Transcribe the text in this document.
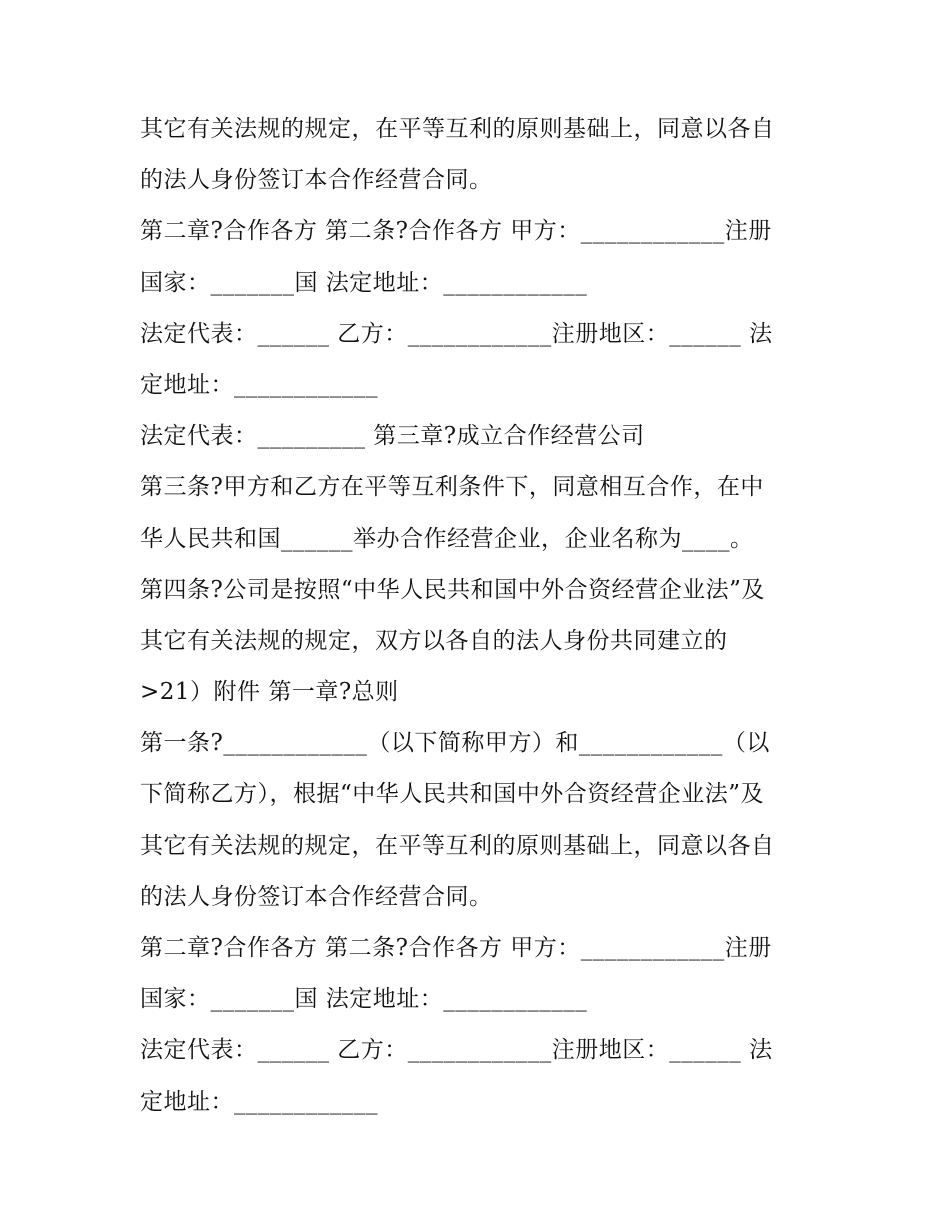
其它有关法规的规定，在平等互利的原则基础上，同意以各自
的法人身份签订本合作经营合同。
第二章?合作各方 第二条?合作各方 甲方：____________注册
国家：_______国 法定地址：____________
法定代表：______ 乙方：____________注册地区：______ 法
定地址：____________
法定代表：_________ 第三章?成立合作经营公司
第三条?甲方和乙方在平等互利条件下，同意相互合作，在中
华人民共和国______举办合作经营企业，企业名称为____。
第四条?公司是按照“中华人民共和国中外合资经营企业法”及
其它有关法规的规定，双方以各自的法人身份共同建立的
>21）附件 第一章?总则
第一条?____________（以下简称甲方）和____________（以
下简称乙方），根据“中华人民共和国中外合资经营企业法”及
其它有关法规的规定，在平等互利的原则基础上，同意以各自
的法人身份签订本合作经营合同。
第二章?合作各方 第二条?合作各方 甲方：____________注册
国家：_______国 法定地址：____________
法定代表：______ 乙方：____________注册地区：______ 法
定地址：____________
